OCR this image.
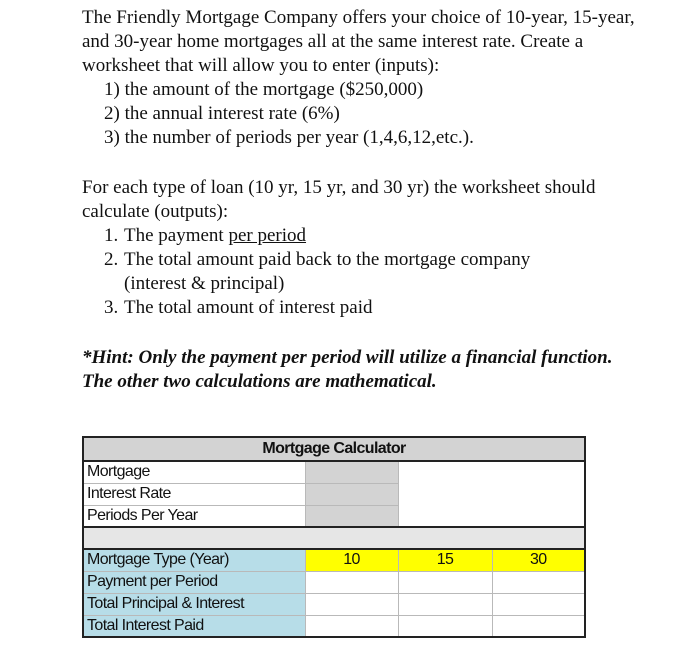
The Friendly Mortgage Company offers your choice of 10-year, 15-year, and 30-year home mortgages all at the same interest rate. Create a worksheet that will allow you to enter (inputs):

1) the amount of the mortgage ($250,000)
2) the annual interest rate (6%)
3) the number of periods per year (1,4,6,12,etc.).

For each type of loan (10 yr, 15 yr, and 30 yr) the worksheet should calculate (outputs):

1. The payment per period
2. The total amount paid back to the mortgage company
(interest & principal)
3. The total amount of interest paid

*Hint: Only the payment per period will utilize a financial function. The other two calculations are mathematical.

Mortgage Calculator			
Mortgage			
Interest Rate			
Periods Per Year			

Mortgage Type (Year)	10	15	30
Payment per Period			
Total Principal & Interest			
Total Interest Paid			
